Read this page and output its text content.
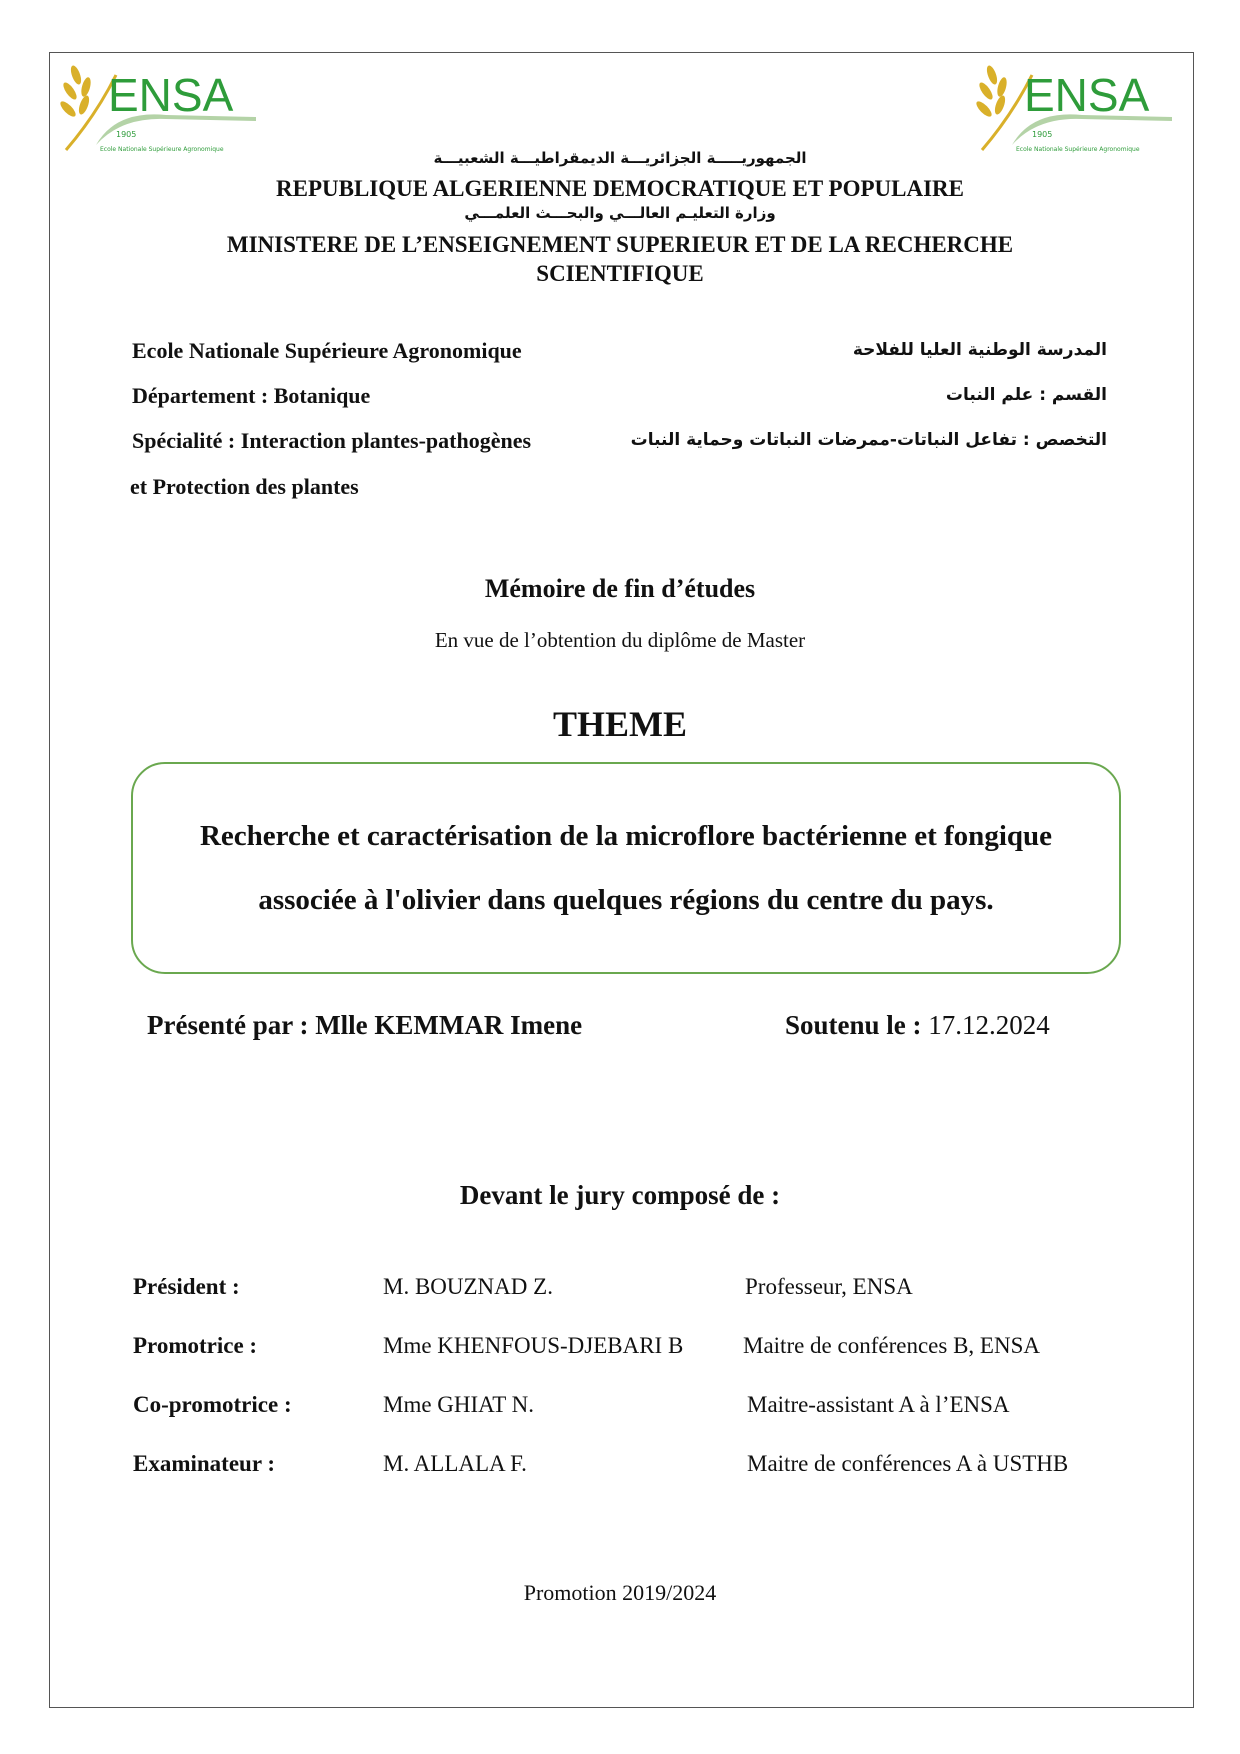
ENSA
1905
Ecole Nationale Supérieure Agronomique
ENSA
1905
Ecole Nationale Supérieure Agronomique
الجمهوريـــــة الجزائريـــة الديمقراطيـــة الشعبيـــة
REPUBLIQUE ALGERIENNE DEMOCRATIQUE ET POPULAIRE
وزارة التعليـم العالـــي والبحـــث العلمـــي
MINISTERE DE L’ENSEIGNEMENT SUPERIEUR ET DE LA RECHERCHE SCIENTIFIQUE
Ecole Nationale Supérieure Agronomique	المدرسة الوطنية العليا للفلاحة
Département : Botanique	القسم : علم النبات
Spécialité : Interaction plantes-pathogènes	التخصص : تفاعل النباتات-ممرضات النباتات وحماية النبات
et Protection des plantes
Mémoire de fin d’études
En vue de l’obtention du diplôme de Master
THEME
Recherche et caractérisation de la microflore bactérienne et fongique associée à l'olivier dans quelques régions du centre du pays.
Présenté par : Mlle KEMMAR Imene	Soutenu le : 17.12.2024
Devant le jury composé de :
Président :	M. BOUZNAD Z.	Professeur, ENSA
Promotrice :	Mme KHENFOUS-DJEBARI B	Maitre de conférences B, ENSA
Co-promotrice :	Mme GHIAT N.	Maitre-assistant A à l’ENSA
Examinateur :	M. ALLALA F.	Maitre de conférences A à USTHB
Promotion 2019/2024
